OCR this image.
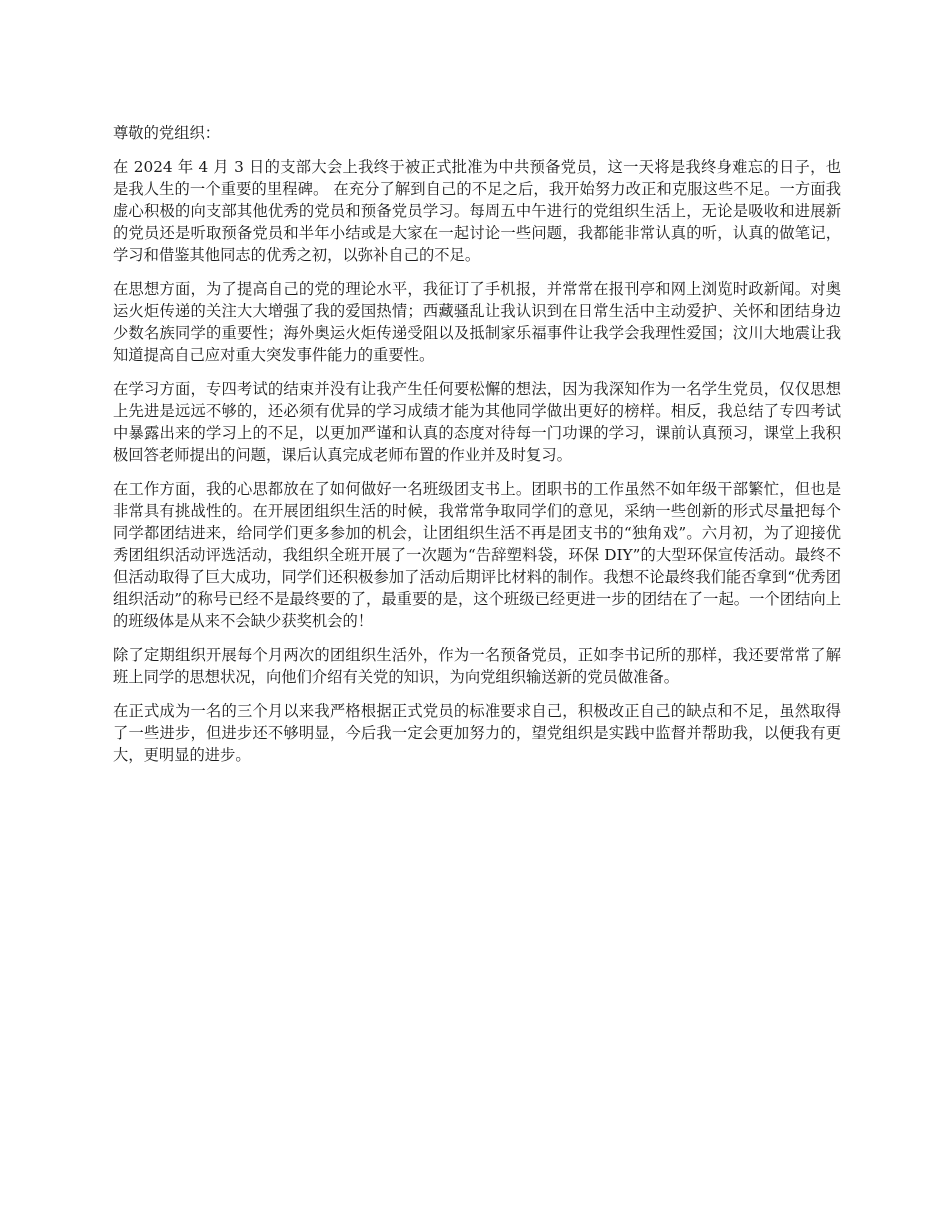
尊敬的党组织：

在 2024 年 4 月 3 日的支部大会上我终于被正式批准为中共预备党员，这一天将是我终身难忘的日子，也是我人生的一个重要的里程碑。 在充分了解到自己的不足之后，我开始努力改正和克服这些不足。一方面我虚心积极的向支部其他优秀的党员和预备党员学习。每周五中午进行的党组织生活上，无论是吸收和进展新的党员还是听取预备党员和半年小结或是大家在一起讨论一些问题，我都能非常认真的听，认真的做笔记，学习和借鉴其他同志的优秀之初，以弥补自己的不足。

在思想方面，为了提高自己的党的理论水平，我征订了手机报，并常常在报刊亭和网上浏览时政新闻。对奥运火炬传递的关注大大增强了我的爱国热情；西藏骚乱让我认识到在日常生活中主动爱护、关怀和团结身边少数名族同学的重要性；海外奥运火炬传递受阻以及抵制家乐福事件让我学会我理性爱国；汶川大地震让我知道提高自己应对重大突发事件能力的重要性。

在学习方面，专四考试的结束并没有让我产生任何要松懈的想法，因为我深知作为一名学生党员，仅仅思想上先进是远远不够的，还必须有优异的学习成绩才能为其他同学做出更好的榜样。相反，我总结了专四考试中暴露出来的学习上的不足，以更加严谨和认真的态度对待每一门功课的学习，课前认真预习，课堂上我积极回答老师提出的问题，课后认真完成老师布置的作业并及时复习。

在工作方面，我的心思都放在了如何做好一名班级团支书上。团职书的工作虽然不如年级干部繁忙，但也是非常具有挑战性的。在开展团组织生活的时候，我常常争取同学们的意见，采纳一些创新的形式尽量把每个同学都团结进来，给同学们更多参加的机会，让团组织生活不再是团支书的“独角戏”。六月初，为了迎接优秀团组织活动评选活动，我组织全班开展了一次题为“告辞塑料袋，环保 DIY”的大型环保宣传活动。最终不但活动取得了巨大成功，同学们还积极参加了活动后期评比材料的制作。我想不论最终我们能否拿到“优秀团组织活动”的称号已经不是最终要的了，最重要的是，这个班级已经更进一步的团结在了一起。一个团结向上的班级体是从来不会缺少获奖机会的！

除了定期组织开展每个月两次的团组织生活外，作为一名预备党员，正如李书记所的那样，我还要常常了解班上同学的思想状况，向他们介绍有关党的知识，为向党组织输送新的党员做准备。

在正式成为一名的三个月以来我严格根据正式党员的标准要求自己，积极改正自己的缺点和不足，虽然取得了一些进步，但进步还不够明显，今后我一定会更加努力的，望党组织是实践中监督并帮助我，以便我有更大，更明显的进步。
